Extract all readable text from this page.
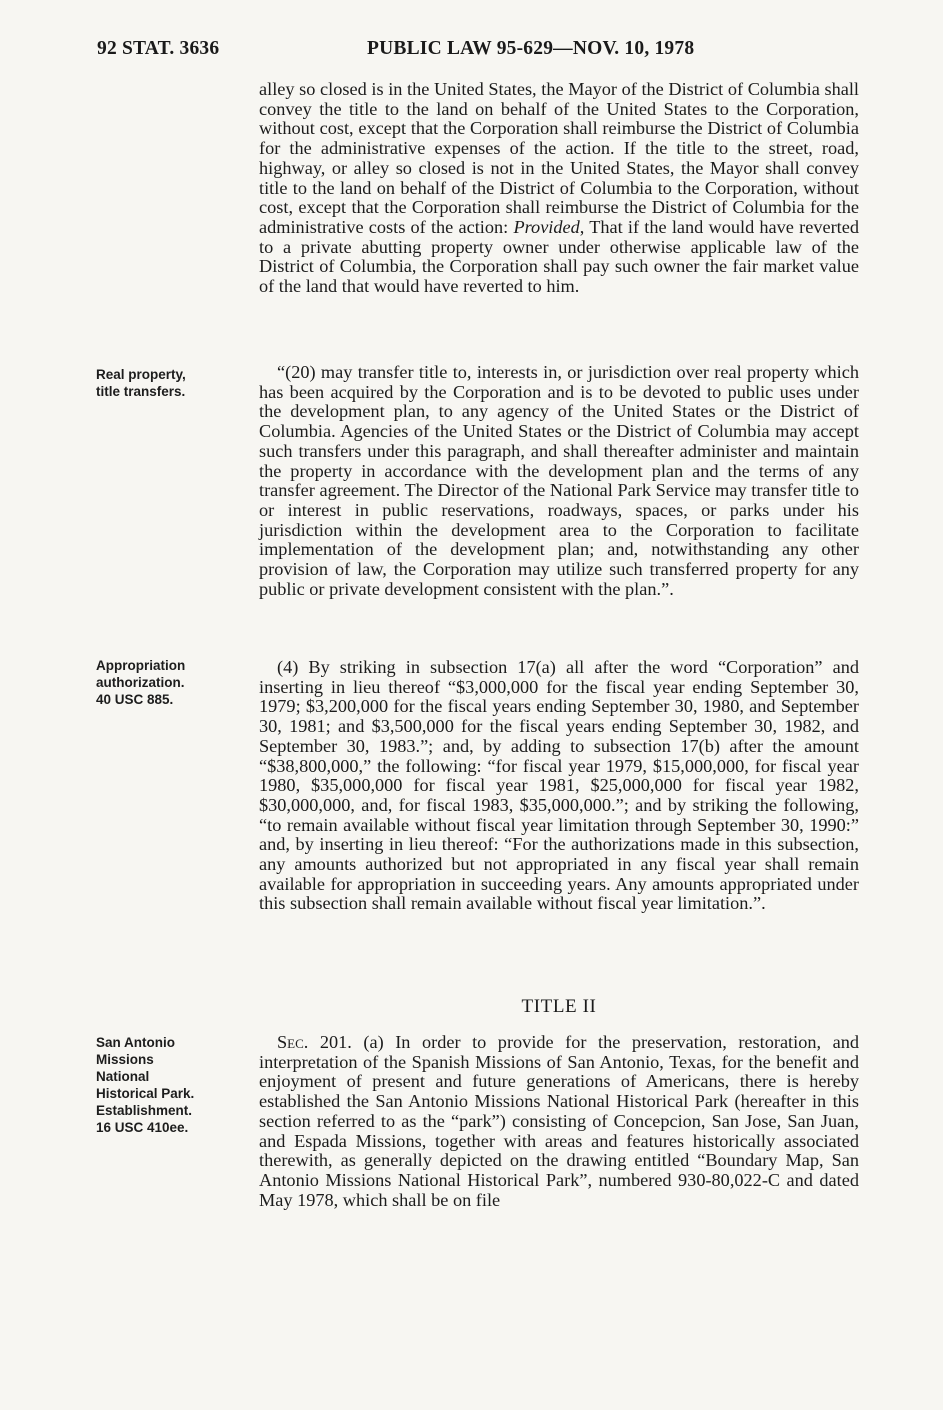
92 STAT. 3636	PUBLIC LAW 95-629—NOV. 10, 1978
Real property,
title transfers.
Appropriation
authorization.
40 USC 885.
San Antonio
Missions
National
Historical Park.
Establishment.
16 USC 410ee.

alley so closed is in the United States, the Mayor of the District of Columbia shall convey the title to the land on behalf of the United States to the Corporation, without cost, except that the Corporation shall reimburse the District of Columbia for the administrative expenses of the action. If the title to the street, road, highway, or alley so closed is not in the United States, the Mayor shall convey title to the land on behalf of the District of Columbia to the Corporation, without cost, except that the Corporation shall reimburse the District of Columbia for the administrative costs of the action: Provided, That if the land would have reverted to a private abutting property owner under otherwise applicable law of the District of Columbia, the Corporation shall pay such owner the fair market value of the land that would have reverted to him.

“(20) may transfer title to, interests in, or jurisdiction over real property which has been acquired by the Corporation and is to be devoted to public uses under the development plan, to any agency of the United States or the District of Columbia. Agencies of the United States or the District of Columbia may accept such transfers under this paragraph, and shall thereafter administer and maintain the property in accordance with the development plan and the terms of any transfer agreement. The Director of the National Park Service may transfer title to or interest in public reservations, roadways, spaces, or parks under his jurisdiction within the development area to the Corporation to facilitate implementation of the development plan; and, notwithstanding any other provision of law, the Corporation may utilize such transferred property for any public or private development consistent with the plan.”.

(4) By striking in subsection 17(a) all after the word “Corporation” and inserting in lieu thereof “$3,000,000 for the fiscal year ending September 30, 1979; $3,200,000 for the fiscal years ending September 30, 1980, and September 30, 1981; and $3,500,000 for the fiscal years ending September 30, 1982, and September 30, 1983.”; and, by adding to subsection 17(b) after the amount “$38,800,000,” the following: “for fiscal year 1979, $15,000,000, for fiscal year 1980, $35,000,000 for fiscal year 1981, $25,000,000 for fiscal year 1982, $30,000,000, and, for fiscal 1983, $35,000,000.”; and by striking the following, “to remain available without fiscal year limitation through September 30, 1990:” and, by inserting in lieu thereof: “For the authorizations made in this subsection, any amounts authorized but not appropriated in any fiscal year shall remain available for appropriation in succeeding years. Any amounts appropriated under this subsection shall remain available without fiscal year limitation.”.

TITLE II

Sec. 201. (a) In order to provide for the preservation, restoration, and interpretation of the Spanish Missions of San Antonio, Texas, for the benefit and enjoyment of present and future generations of Americans, there is hereby established the San Antonio Missions National Historical Park (hereafter in this section referred to as the “park”) consisting of Concepcion, San Jose, San Juan, and Espada Missions, together with areas and features historically associated therewith, as generally depicted on the drawing entitled “Boundary Map, San Antonio Missions National Historical Park”, numbered 930-80,022-C and dated May 1978, which shall be on file
